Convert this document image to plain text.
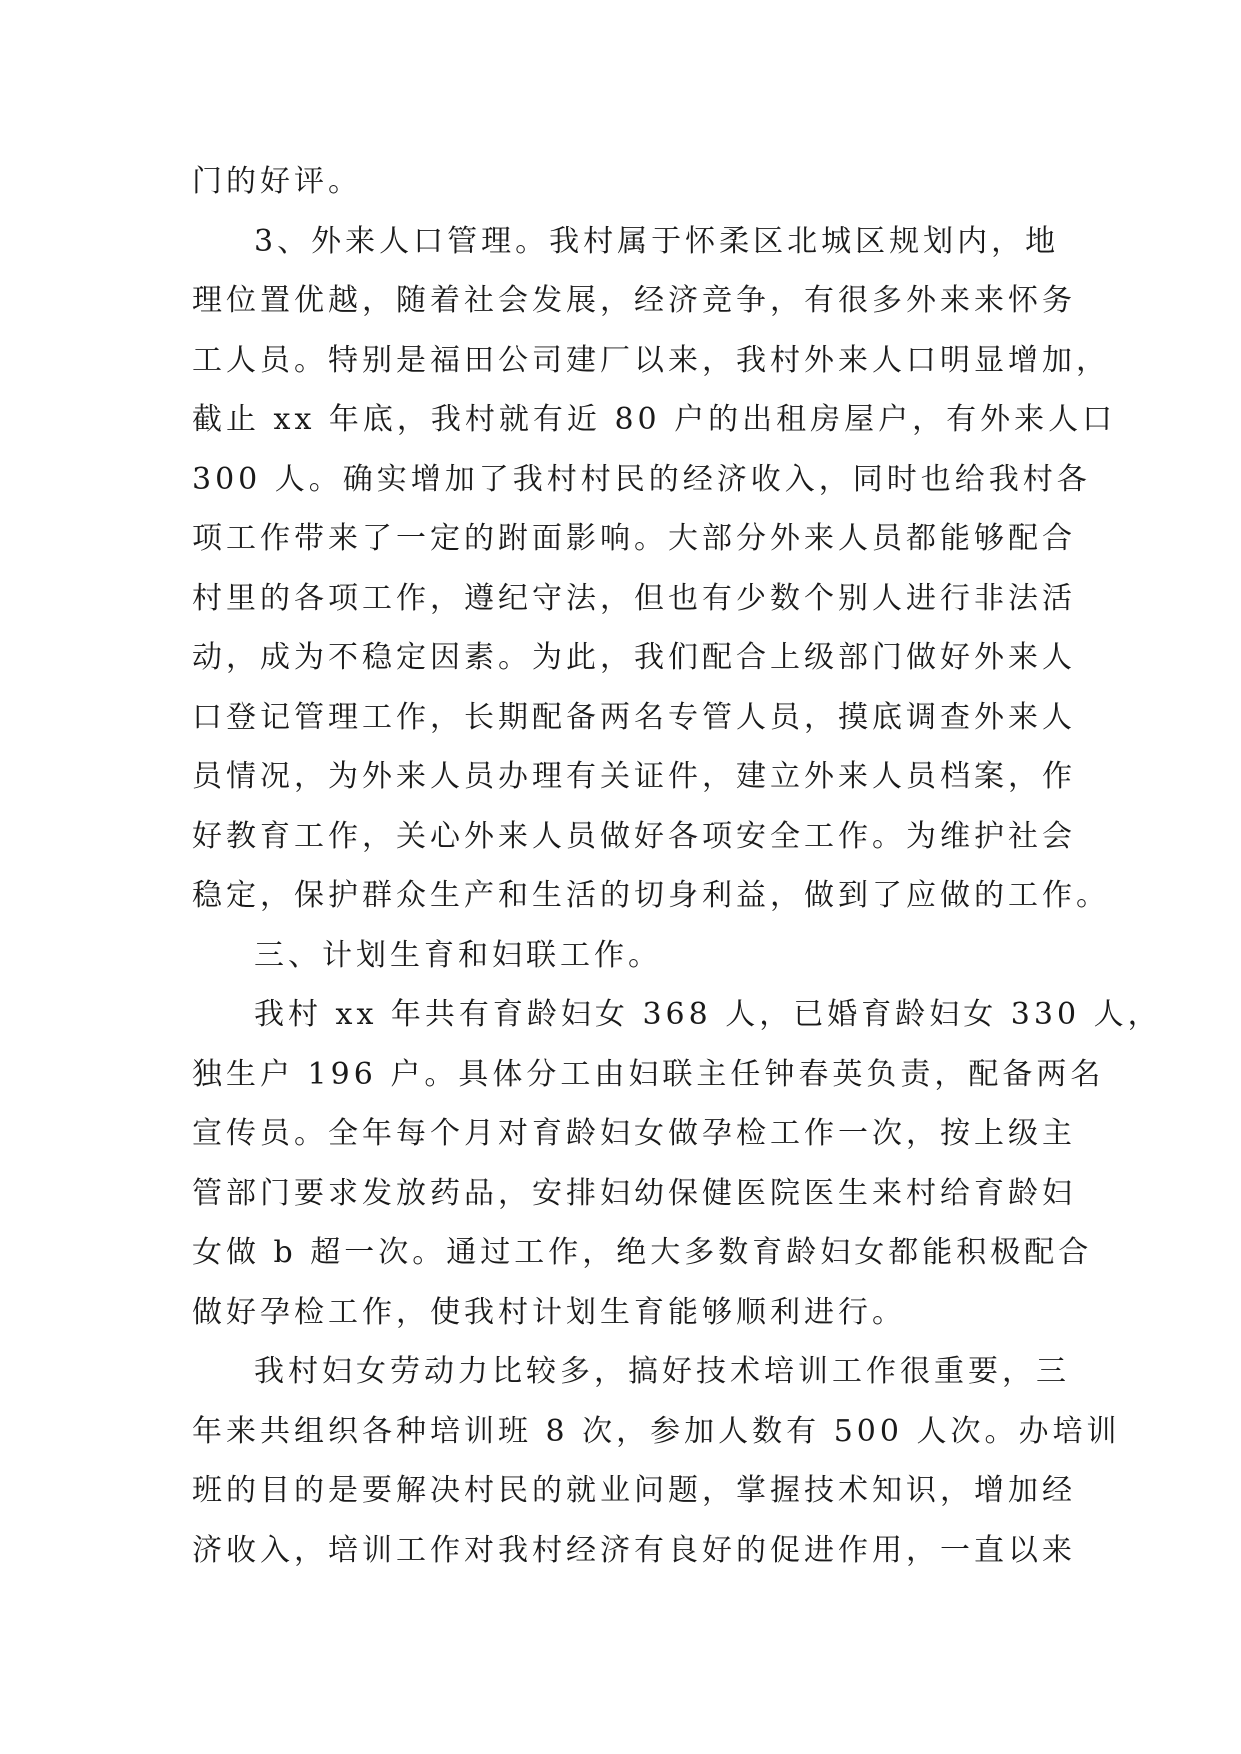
门的好评。
3、外来人口管理。我村属于怀柔区北城区规划内，地
理位置优越，随着社会发展，经济竞争，有很多外来来怀务
工人员。特别是福田公司建厂以来，我村外来人口明显增加，
截止 xx 年底，我村就有近 80 户的出租房屋户，有外来人口
300 人。确实增加了我村村民的经济收入，同时也给我村各
项工作带来了一定的跗面影响。大部分外来人员都能够配合
村里的各项工作，遵纪守法，但也有少数个别人进行非法活
动，成为不稳定因素。为此，我们配合上级部门做好外来人
口登记管理工作，长期配备两名专管人员，摸底调查外来人
员情况，为外来人员办理有关证件，建立外来人员档案，作
好教育工作，关心外来人员做好各项安全工作。为维护社会
稳定，保护群众生产和生活的切身利益，做到了应做的工作。
三、计划生育和妇联工作。
我村 xx 年共有育龄妇女 368 人，已婚育龄妇女 330 人，
独生户 196 户。具体分工由妇联主任钟春英负责，配备两名
宣传员。全年每个月对育龄妇女做孕检工作一次，按上级主
管部门要求发放药品，安排妇幼保健医院医生来村给育龄妇
女做 b 超一次。通过工作，绝大多数育龄妇女都能积极配合
做好孕检工作，使我村计划生育能够顺利进行。
我村妇女劳动力比较多，搞好技术培训工作很重要，三
年来共组织各种培训班 8 次，参加人数有 500 人次。办培训
班的目的是要解决村民的就业问题，掌握技术知识，增加经
济收入，培训工作对我村经济有良好的促进作用，一直以来
